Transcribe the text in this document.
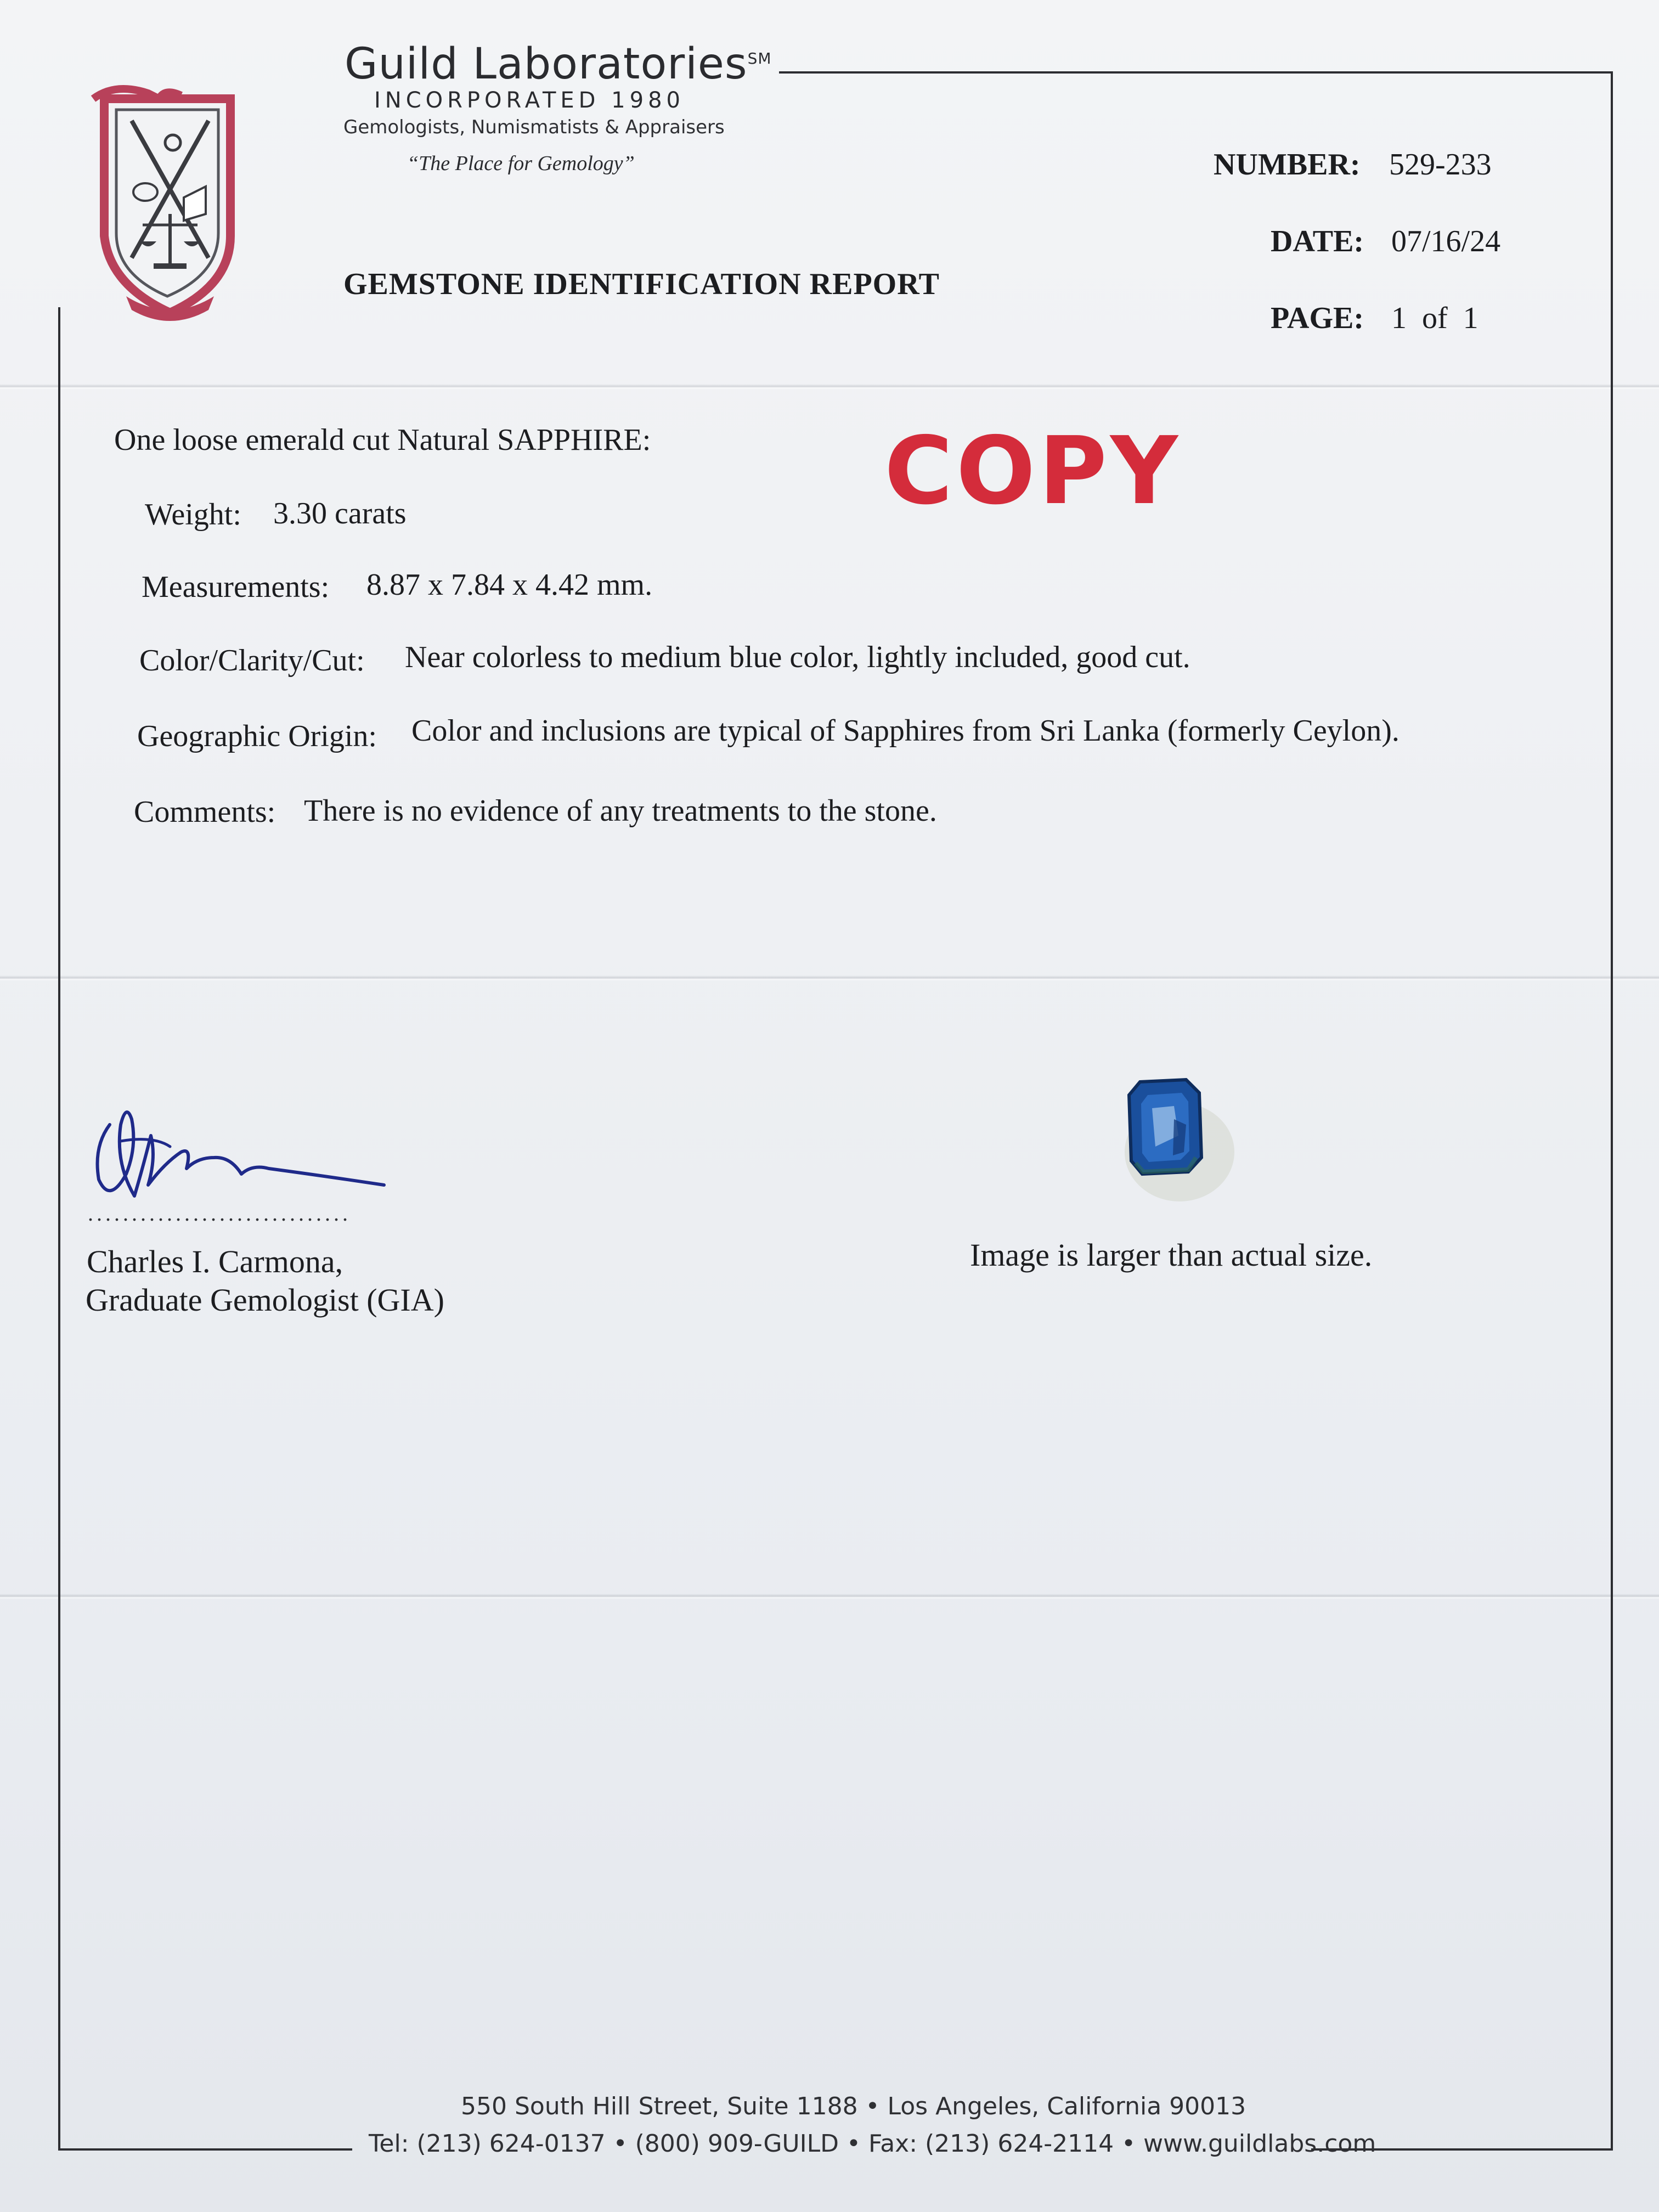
Guild Laboratories℠
INCORPORATED 1980
Gemologists, Numismatists & Appraisers
“The Place for Gemology”
GEMSTONE IDENTIFICATION REPORT
NUMBER: 529-233
DATE: 07/16/24
PAGE: 1  of  1
COPY
One loose emerald cut Natural SAPPHIRE:
Weight: 3.30 carats
Measurements: 8.87 x 7.84 x 4.42 mm.
Color/Clarity/Cut: Near colorless to medium blue color, lightly included, good cut.
Geographic Origin: Color and inclusions are typical of Sapphires from Sri Lanka (formerly Ceylon).
Comments: There is no evidence of any treatments to the stone.
..............................
Charles I. Carmona,
Graduate Gemologist (GIA)
Image is larger than actual size.
550 South Hill Street, Suite 1188 • Los Angeles, California 90013
Tel: (213) 624-0137 • (800) 909-GUILD • Fax: (213) 624-2114 • www.guildlabs.com
